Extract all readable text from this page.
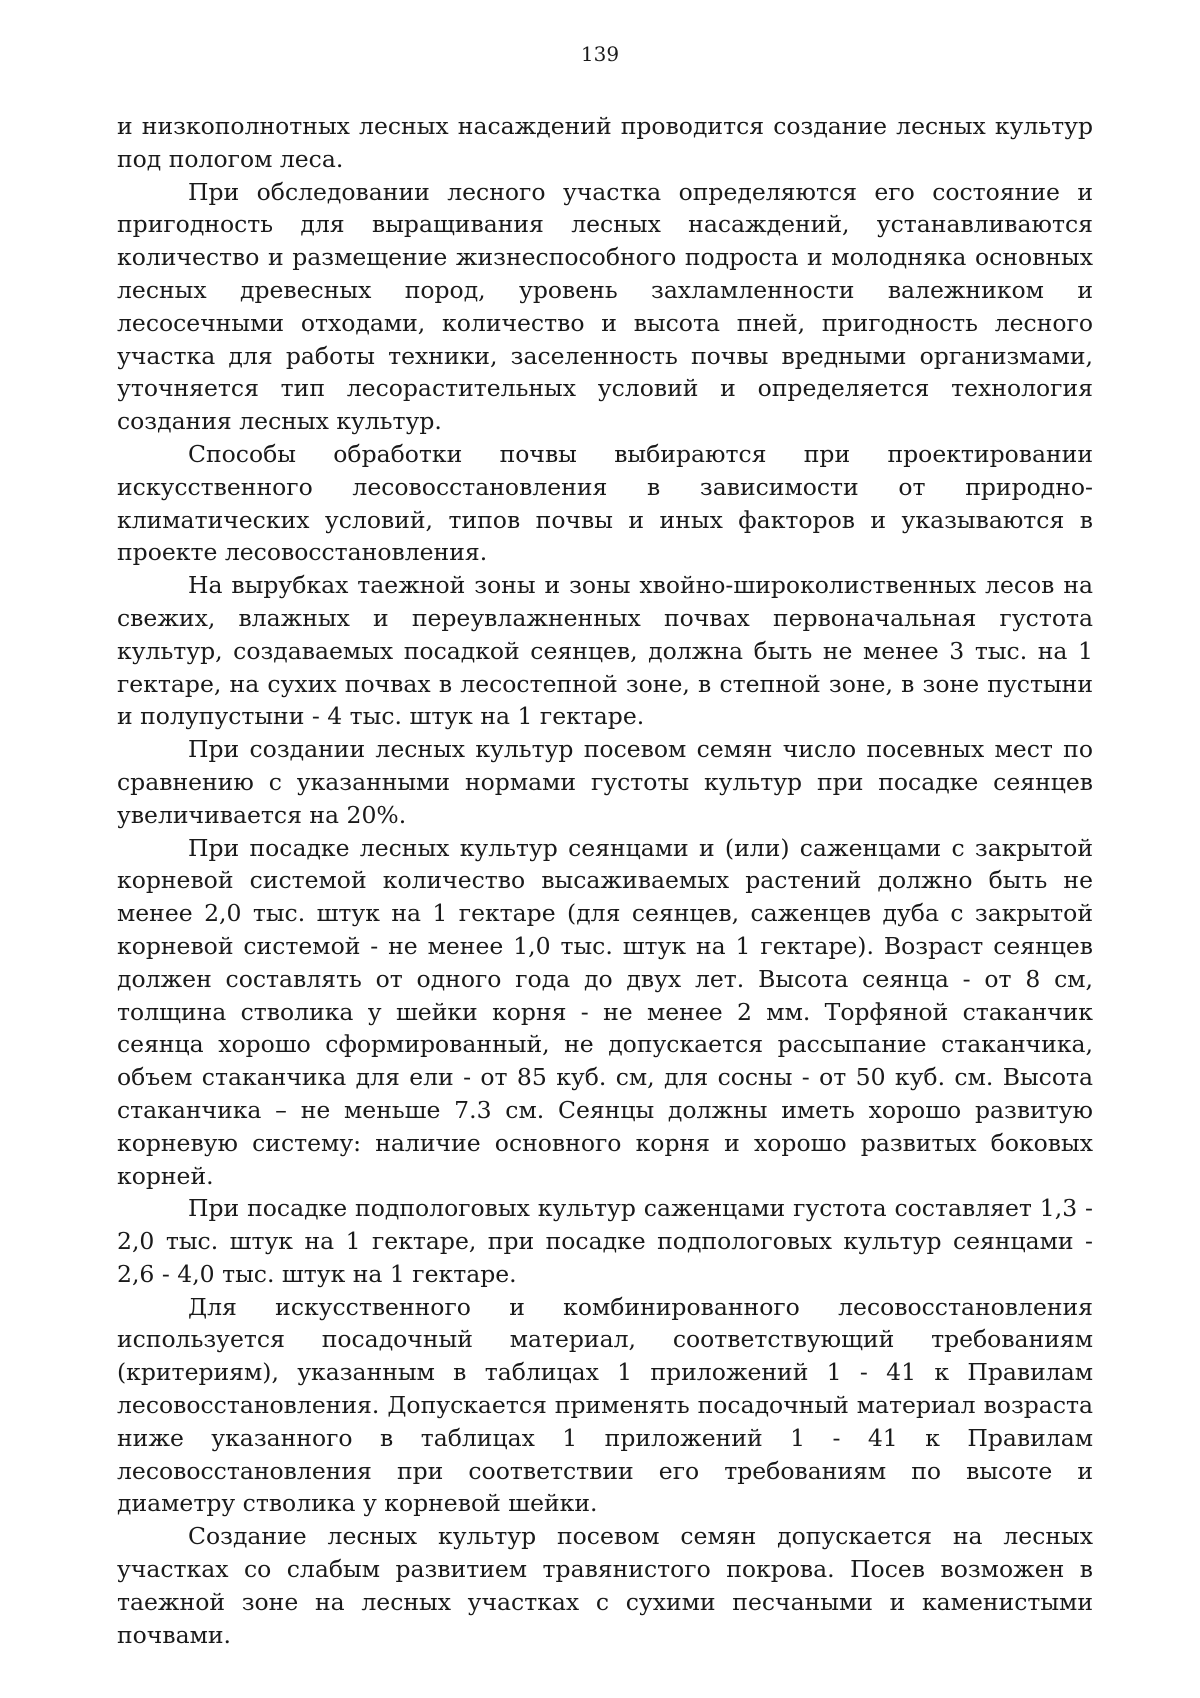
139

и низкополнотных лесных насаждений проводится создание лесных культур под пологом леса.

При обследовании лесного участка определяются его состояние и пригодность для выращивания лесных насаждений, устанавливаются количество и размещение жизнеспособного подроста и молодняка основных лесных древесных пород, уровень захламленности валежником и лесосечными отходами, количество и высота пней, пригодность лесного участка для работы техники, заселенность почвы вредными организмами, уточняется тип лесорастительных условий и определяется технология создания лесных культур.

Способы обработки почвы выбираются при проектировании искусственного лесовосстановления в зависимости от природно-климатических условий, типов почвы и иных факторов и указываются в проекте лесовосстановления.

На вырубках таежной зоны и зоны хвойно-широколиственных лесов на свежих, влажных и переувлажненных почвах первоначальная густота культур, создаваемых посадкой сеянцев, должна быть не менее 3 тыс. на 1 гектаре, на сухих почвах в лесостепной зоне, в степной зоне, в зоне пустыни и полупустыни - 4 тыс. штук на 1 гектаре.

При создании лесных культур посевом семян число посевных мест по сравнению с указанными нормами густоты культур при посадке сеянцев увеличивается на 20%.

При посадке лесных культур сеянцами и (или) саженцами с закрытой корневой системой количество высаживаемых растений должно быть не менее 2,0 тыс. штук на 1 гектаре (для сеянцев, саженцев дуба с закрытой корневой системой - не менее 1,0 тыс. штук на 1 гектаре). Возраст сеянцев должен составлять от одного года до двух лет. Высота сеянца - от 8 см, толщина стволика у шейки корня - не менее 2 мм. Торфяной стаканчик сеянца хорошо сформированный, не допускается рассыпание стаканчика, объем стаканчика для ели - от 85 куб. см, для сосны - от 50 куб. см. Высота стаканчика – не меньше 7.3 см. Сеянцы должны иметь хорошо развитую корневую систему: наличие основного корня и хорошо развитых боковых корней.

При посадке подпологовых культур саженцами густота составляет 1,3 - 2,0 тыс. штук на 1 гектаре, при посадке подпологовых культур сеянцами - 2,6 - 4,0 тыс. штук на 1 гектаре.

Для искусственного и комбинированного лесовосстановления используется посадочный материал, соответствующий требованиям (критериям), указанным в таблицах 1 приложений 1 - 41 к Правилам лесовосстановления. Допускается применять посадочный материал возраста ниже указанного в таблицах 1 приложений 1 - 41 к Правилам лесовосстановления при соответствии его требованиям по высоте и диаметру стволика у корневой шейки.

Создание лесных культур посевом семян допускается на лесных участках со слабым развитием травянистого покрова. Посев возможен в таежной зоне на лесных участках с сухими песчаными и каменистыми почвами.
